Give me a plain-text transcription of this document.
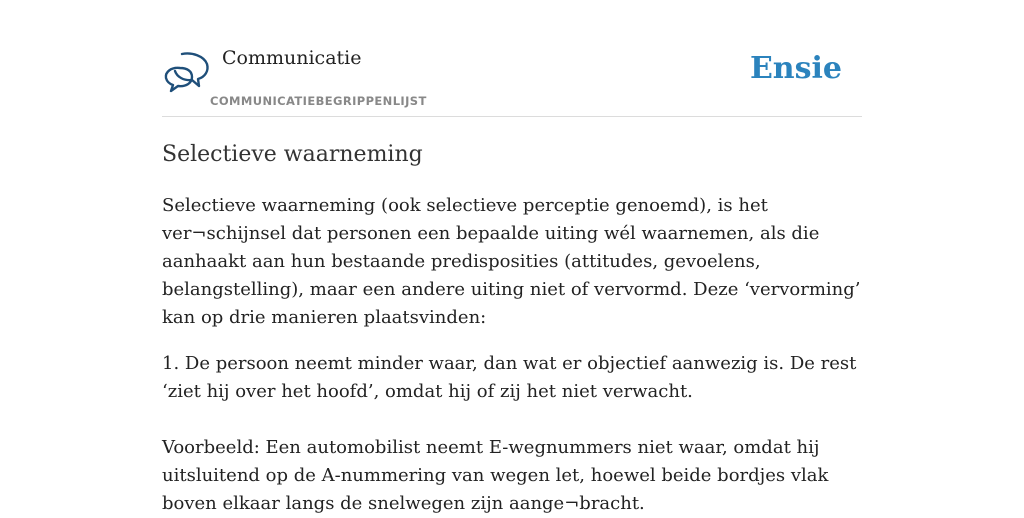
Communicatie
COMMUNICATIEBEGRIPPENLIJST
Ensie
Selectieve waarneming

Selectieve waarneming (ook selectieve perceptie genoemd), is het ver¬schijnsel dat personen een bepaalde uiting wél waarnemen, als die aanhaakt aan hun bestaande predisposities (attitudes, gevoelens, belangstelling), maar een andere uiting niet of vervormd. Deze ‘vervorming’ kan op drie manieren plaatsvinden:

1. De persoon neemt minder waar, dan wat er objectief aanwezig is. De rest ‘ziet hij over het hoofd’, omdat hij of zij het niet verwacht.

Voorbeeld: Een automobilist neemt E-wegnummers niet waar, omdat hij uitsluitend op de A-nummering van wegen let, hoewel beide bordjes vlak boven elkaar langs de snelwegen zijn aange¬bracht.
